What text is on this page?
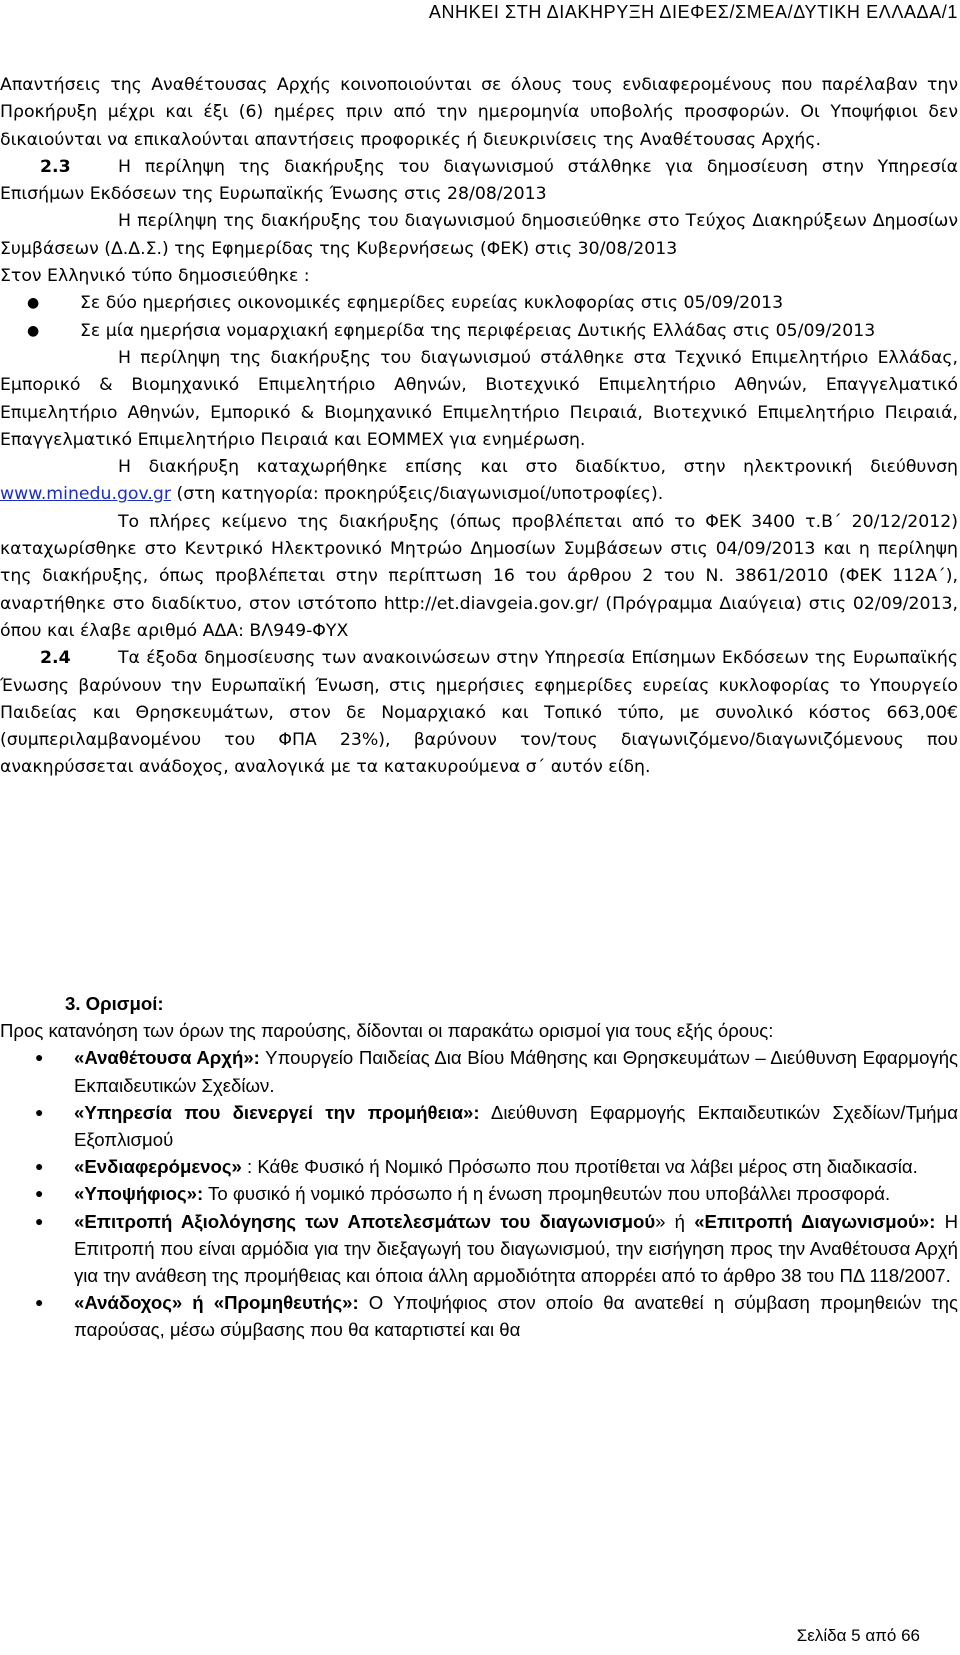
ΑΝΗΚΕΙ ΣΤΗ ΔΙΑΚΗΡΥΞΗ ΔΙΕΦΕΣ/ΣΜΕΑ/ΔΥΤΙΚΗ ΕΛΛΑΔΑ/1

Απαντήσεις της Αναθέτουσας Αρχής κοινοποιούνται σε όλους τους ενδιαφερομένους που παρέλαβαν την Προκήρυξη μέχρι και έξι (6) ημέρες πριν από την ημερομηνία υποβολής προσφορών. Οι Υποψήφιοι δεν δικαιούνται να επικαλούνται απαντήσεις προφορικές ή διευκρινίσεις της Αναθέτουσας Αρχής.

2.3	Η περίληψη της διακήρυξης του διαγωνισμού στάλθηκε για δημοσίευση στην Υπηρεσία Επισήμων Εκδόσεων της Ευρωπαϊκής Ένωσης στις 28/08/2013

Η περίληψη της διακήρυξης του διαγωνισμού δημοσιεύθηκε στο Τεύχος Διακηρύξεων Δημοσίων Συμβάσεων (Δ.Δ.Σ.) της Εφημερίδας της Κυβερνήσεως (ΦΕΚ) στις 30/08/2013

Στον Ελληνικό τύπο δημοσιεύθηκε :

● Σε δύο ημερήσιες οικονομικές εφημερίδες ευρείας κυκλοφορίας στις 05/09/2013
● Σε μία ημερήσια νομαρχιακή εφημερίδα της περιφέρειας Δυτικής Ελλάδας στις 05/09/2013

Η περίληψη της διακήρυξης του διαγωνισμού στάλθηκε στα Τεχνικό Επιμελητήριο Ελλάδας, Εμπορικό & Βιομηχανικό Επιμελητήριο Αθηνών, Βιοτεχνικό Επιμελητήριο Αθηνών, Επαγγελματικό Επιμελητήριο Αθηνών, Εμπορικό & Βιομηχανικό Επιμελητήριο Πειραιά, Βιοτεχνικό Επιμελητήριο Πειραιά, Επαγγελματικό Επιμελητήριο Πειραιά και ΕΟΜΜΕΧ για ενημέρωση.

Η διακήρυξη καταχωρήθηκε επίσης και στο διαδίκτυο, στην ηλεκτρονική διεύθυνση www.minedu.gov.gr (στη κατηγορία: προκηρύξεις/διαγωνισμοί/υποτροφίες).

Το πλήρες κείμενο της διακήρυξης (όπως προβλέπεται από το ΦΕΚ 3400 τ.Β΄ 20/12/2012) καταχωρίσθηκε στο Κεντρικό Ηλεκτρονικό Μητρώο Δημοσίων Συμβάσεων στις 04/09/2013 και η περίληψη της διακήρυξης, όπως προβλέπεται στην περίπτωση 16 του άρθρου 2 του Ν. 3861/2010 (ΦΕΚ 112Α΄), αναρτήθηκε στο διαδίκτυο, στον ιστότοπο http://et.diavgeia.gov.gr/ (Πρόγραμμα Διαύγεια) στις 02/09/2013, όπου και έλαβε αριθμό ΑΔΑ: ΒΛ949-ΦΥΧ

2.4	Τα έξοδα δημοσίευσης των ανακοινώσεων στην Υπηρεσία Επίσημων Εκδόσεων της Ευρωπαϊκής Ένωσης βαρύνουν την Ευρωπαϊκή Ένωση, στις ημερήσιες εφημερίδες ευρείας κυκλοφορίας το Υπουργείο Παιδείας και Θρησκευμάτων, στον δε Νομαρχιακό και Τοπικό τύπο, με συνολικό κόστος 663,00€ (συμπεριλαμβανομένου του ΦΠΑ 23%), βαρύνουν τον/τους διαγωνιζόμενο/διαγωνιζόμενους που ανακηρύσσεται ανάδοχος, αναλογικά με τα κατακυρούμενα σ΄ αυτόν είδη.

3. Ορισμοί:

Προς κατανόηση των όρων της παρούσης, δίδονται οι παρακάτω ορισμοί για τους εξής όρους:

● «Αναθέτουσα Αρχή»: Υπουργείο Παιδείας Δια Βίου Μάθησης και Θρησκευμάτων – Διεύθυνση Εφαρμογής Εκπαιδευτικών Σχεδίων.
● «Υπηρεσία που διενεργεί την προμήθεια»: Διεύθυνση Εφαρμογής Εκπαιδευτικών Σχεδίων/Τμήμα Εξοπλισμού
● «Ενδιαφερόμενος» : Κάθε Φυσικό ή Νομικό Πρόσωπο που προτίθεται να λάβει μέρος στη διαδικασία.
● «Υποψήφιος»: Το φυσικό ή νομικό πρόσωπο ή η ένωση προμηθευτών που υποβάλλει προσφορά.
● «Επιτροπή Αξιολόγησης των Αποτελεσμάτων του διαγωνισμού» ή «Επιτροπή Διαγωνισμού»: Η Επιτροπή που είναι αρμόδια για την διεξαγωγή του διαγωνισμού, την εισήγηση προς την Αναθέτουσα Αρχή για την ανάθεση της προμήθειας και όποια άλλη αρμοδιότητα απορρέει από το άρθρο 38 του ΠΔ 118/2007.
● «Ανάδοχος» ή «Προμηθευτής»: Ο Υποψήφιος στον οποίο θα ανατεθεί η σύμβαση προμηθειών της παρούσας, μέσω σύμβασης που θα καταρτιστεί και θα
Σελίδα 5 από 66
